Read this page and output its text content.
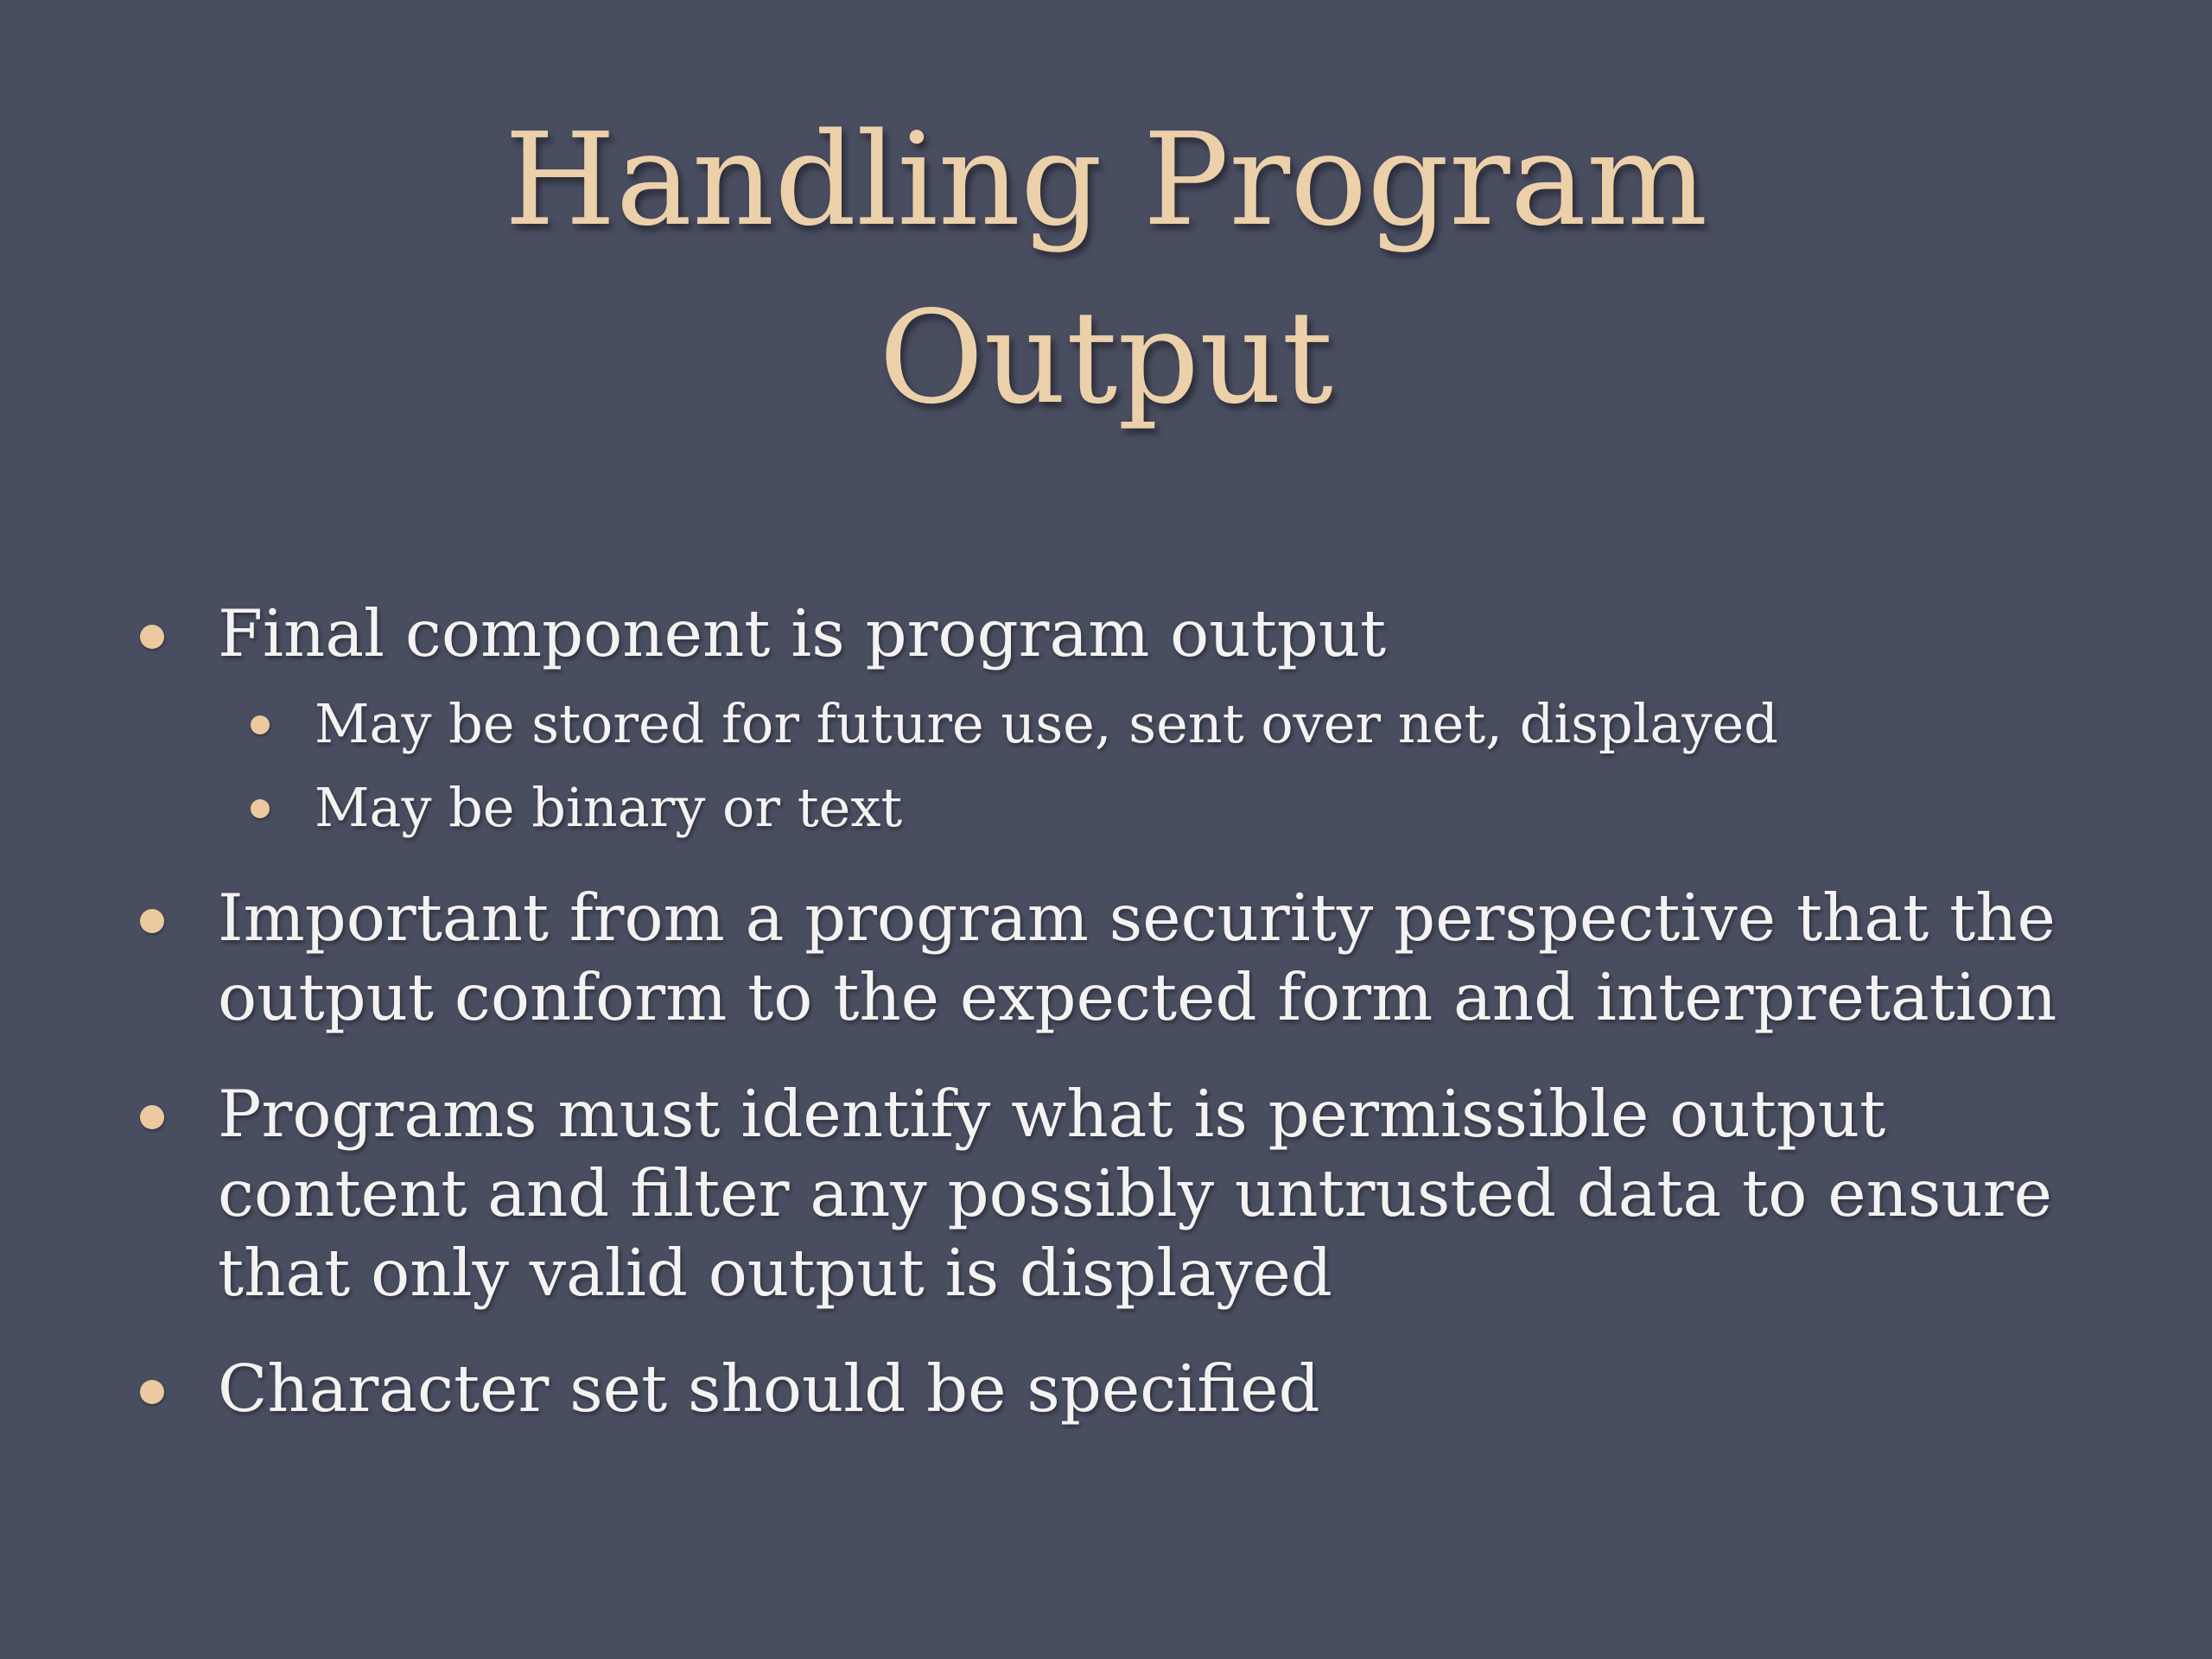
Handling Program
Output
Final component is program output
May be stored for future use, sent over net, displayed
May be binary or text
Important from a program security perspective that the
output conform to the expected form and interpretation
Programs must identify what is permissible output
content and filter any possibly untrusted data to ensure
that only valid output is displayed
Character set should be specified
